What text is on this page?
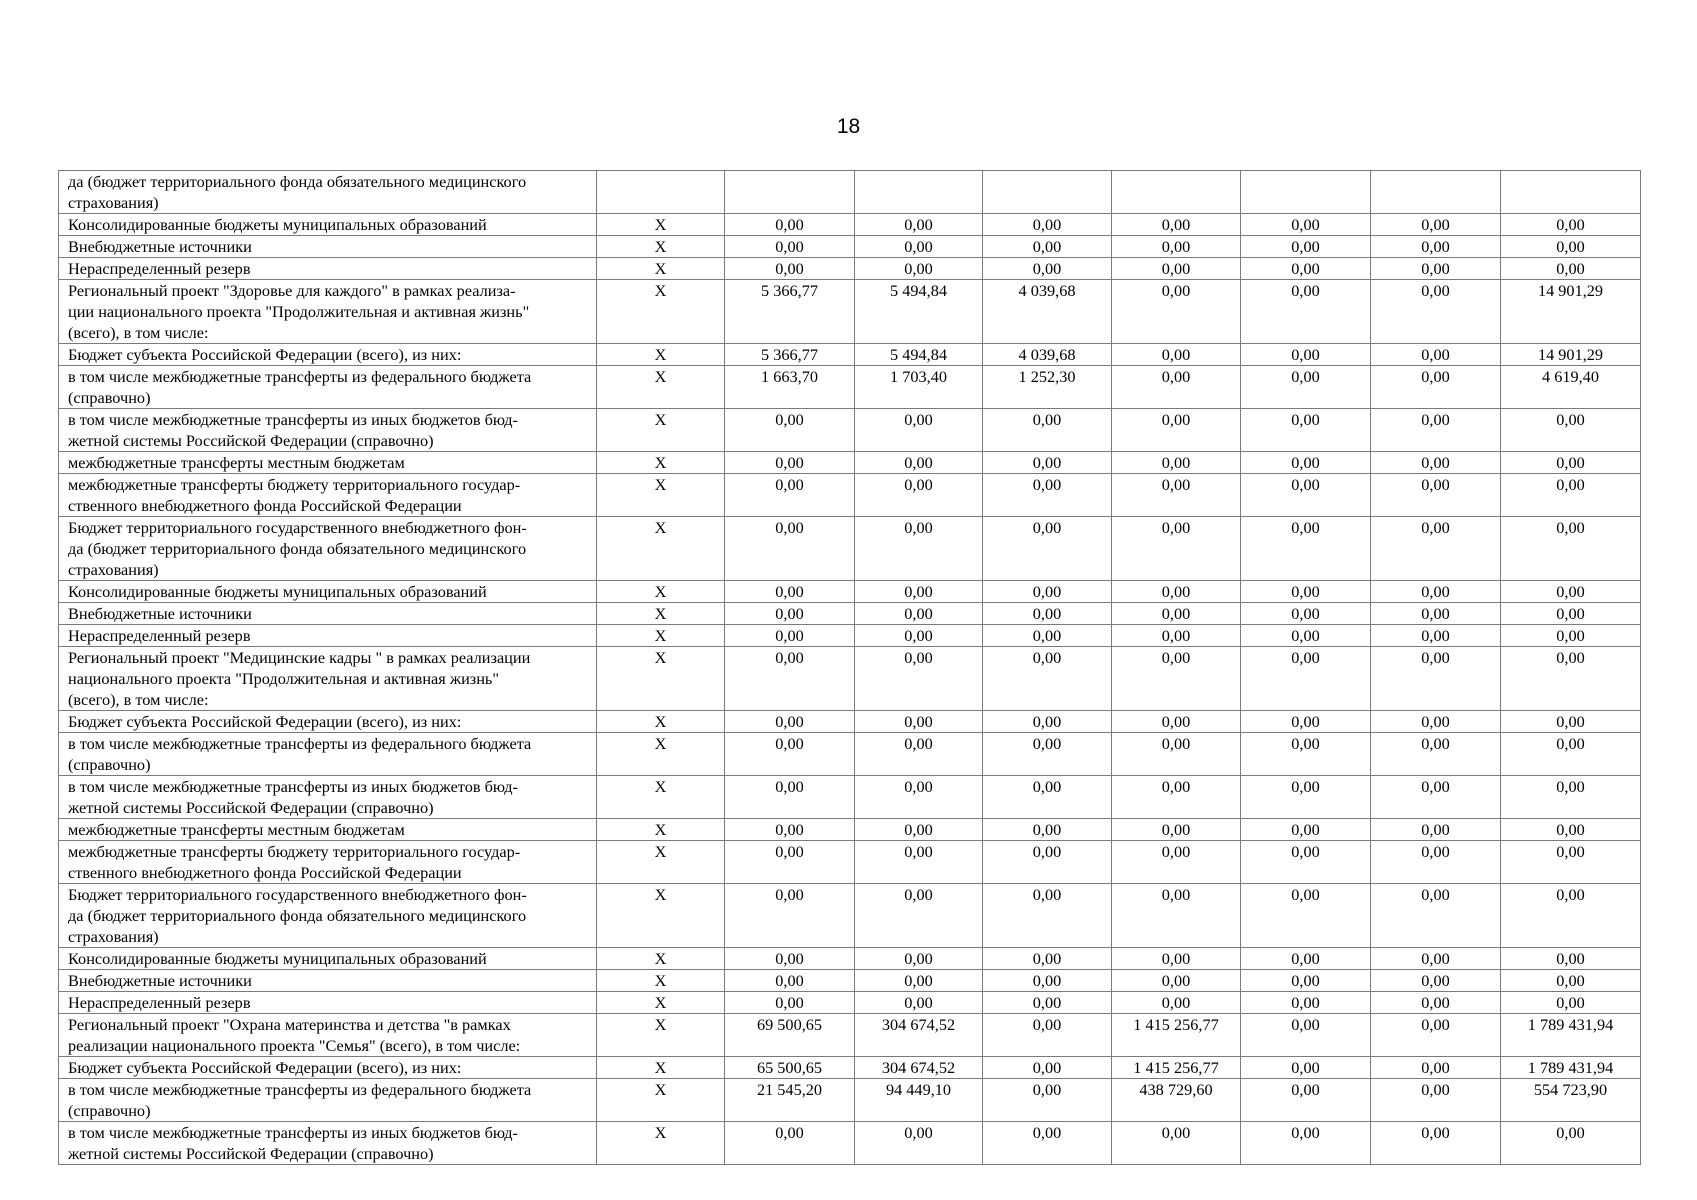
18
да (бюджет территориального фонда обязательного медицинского
страхования)								
Консолидированные бюджеты муниципальных образований	X	0,00	0,00	0,00	0,00	0,00	0,00	0,00
Внебюджетные источники	X	0,00	0,00	0,00	0,00	0,00	0,00	0,00
Нераспределенный резерв	X	0,00	0,00	0,00	0,00	0,00	0,00	0,00
Региональный проект "Здоровье для каждого" в рамках реализа-
ции национального проекта "Продолжительная и активная жизнь"
(всего), в том числе:	X	5 366,77	5 494,84	4 039,68	0,00	0,00	0,00	14 901,29
Бюджет субъекта Российской Федерации (всего), из них:	X	5 366,77	5 494,84	4 039,68	0,00	0,00	0,00	14 901,29
в том числе межбюджетные трансферты из федерального бюджета
(справочно)	X	1 663,70	1 703,40	1 252,30	0,00	0,00	0,00	4 619,40
в том числе межбюджетные трансферты из иных бюджетов бюд-
жетной системы Российской Федерации (справочно)	X	0,00	0,00	0,00	0,00	0,00	0,00	0,00
межбюджетные трансферты местным бюджетам	X	0,00	0,00	0,00	0,00	0,00	0,00	0,00
межбюджетные трансферты бюджету территориального государ-
ственного внебюджетного фонда Российской Федерации	X	0,00	0,00	0,00	0,00	0,00	0,00	0,00
Бюджет территориального государственного внебюджетного фон-
да (бюджет территориального фонда обязательного медицинского
страхования)	X	0,00	0,00	0,00	0,00	0,00	0,00	0,00
Консолидированные бюджеты муниципальных образований	X	0,00	0,00	0,00	0,00	0,00	0,00	0,00
Внебюджетные источники	X	0,00	0,00	0,00	0,00	0,00	0,00	0,00
Нераспределенный резерв	X	0,00	0,00	0,00	0,00	0,00	0,00	0,00
Региональный проект "Медицинские кадры " в рамках реализации
национального проекта "Продолжительная и активная жизнь"
(всего), в том числе:	X	0,00	0,00	0,00	0,00	0,00	0,00	0,00
Бюджет субъекта Российской Федерации (всего), из них:	X	0,00	0,00	0,00	0,00	0,00	0,00	0,00
в том числе межбюджетные трансферты из федерального бюджета
(справочно)	X	0,00	0,00	0,00	0,00	0,00	0,00	0,00
в том числе межбюджетные трансферты из иных бюджетов бюд-
жетной системы Российской Федерации (справочно)	X	0,00	0,00	0,00	0,00	0,00	0,00	0,00
межбюджетные трансферты местным бюджетам	X	0,00	0,00	0,00	0,00	0,00	0,00	0,00
межбюджетные трансферты бюджету территориального государ-
ственного внебюджетного фонда Российской Федерации	X	0,00	0,00	0,00	0,00	0,00	0,00	0,00
Бюджет территориального государственного внебюджетного фон-
да (бюджет территориального фонда обязательного медицинского
страхования)	X	0,00	0,00	0,00	0,00	0,00	0,00	0,00
Консолидированные бюджеты муниципальных образований	X	0,00	0,00	0,00	0,00	0,00	0,00	0,00
Внебюджетные источники	X	0,00	0,00	0,00	0,00	0,00	0,00	0,00
Нераспределенный резерв	X	0,00	0,00	0,00	0,00	0,00	0,00	0,00
Региональный проект "Охрана материнства и детства "в рамках
реализации национального проекта "Семья" (всего), в том числе:	X	69 500,65	304 674,52	0,00	1 415 256,77	0,00	0,00	1 789 431,94
Бюджет субъекта Российской Федерации (всего), из них:	X	65 500,65	304 674,52	0,00	1 415 256,77	0,00	0,00	1 789 431,94
в том числе межбюджетные трансферты из федерального бюджета
(справочно)	X	21 545,20	94 449,10	0,00	438 729,60	0,00	0,00	554 723,90
в том числе межбюджетные трансферты из иных бюджетов бюд-
жетной системы Российской Федерации (справочно)	X	0,00	0,00	0,00	0,00	0,00	0,00	0,00
